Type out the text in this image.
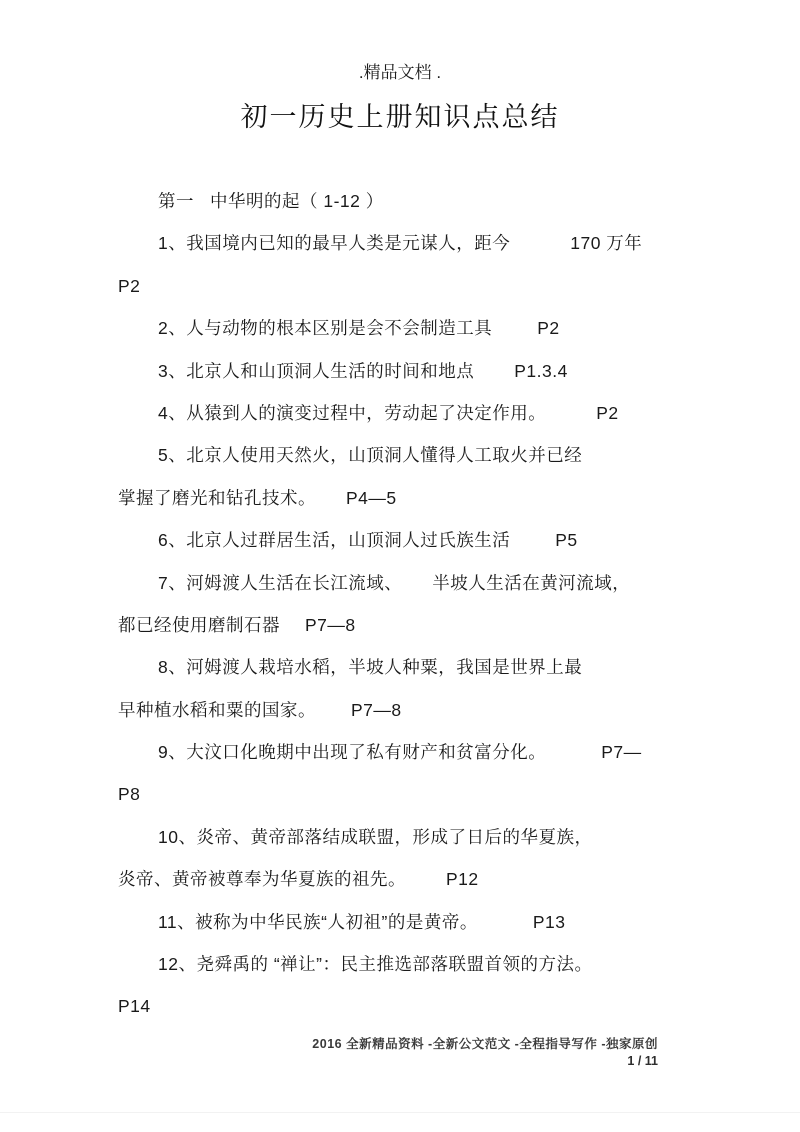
.精品文档 .
初一历史上册知识点总结
第一 中华明的起（ 1-12 ）
1、我国境内已知的最早人类是元谋人，距今	170 万年
P2
2、人与动物的根本区别是会不会制造工具	P2
3、北京人和山顶洞人生活的时间和地点 P1.3.4
4、从猿到人的演变过程中，劳动起了决定作用。	P2
5、北京人使用天然火，山顶洞人懂得人工取火并已经
掌握了磨光和钻孔技术。 P4—5
6、北京人过群居生活，山顶洞人过氏族生活	P5
7、河姆渡人生活在长江流域、 半坡人生活在黄河流域，
都已经使用磨制石器 P7—8
8、河姆渡人栽培水稻，半坡人种粟，我国是世界上最
早种植水稻和粟的国家。 P7—8
9、大汶口化晚期中出现了私有财产和贫富分化。	P7—
P8
10、炎帝、黄帝部落结成联盟，形成了日后的华夏族，
炎帝、黄帝被尊奉为华夏族的祖先。 P12
11、被称为中华民族“人初祖”的是黄帝。	P13
12、尧舜禹的 “禅让”：民主推选部落联盟首领的方法。
P14
2016 全新精品资料 -全新公文范文 -全程指导写作 -独家原创
1 / 11
